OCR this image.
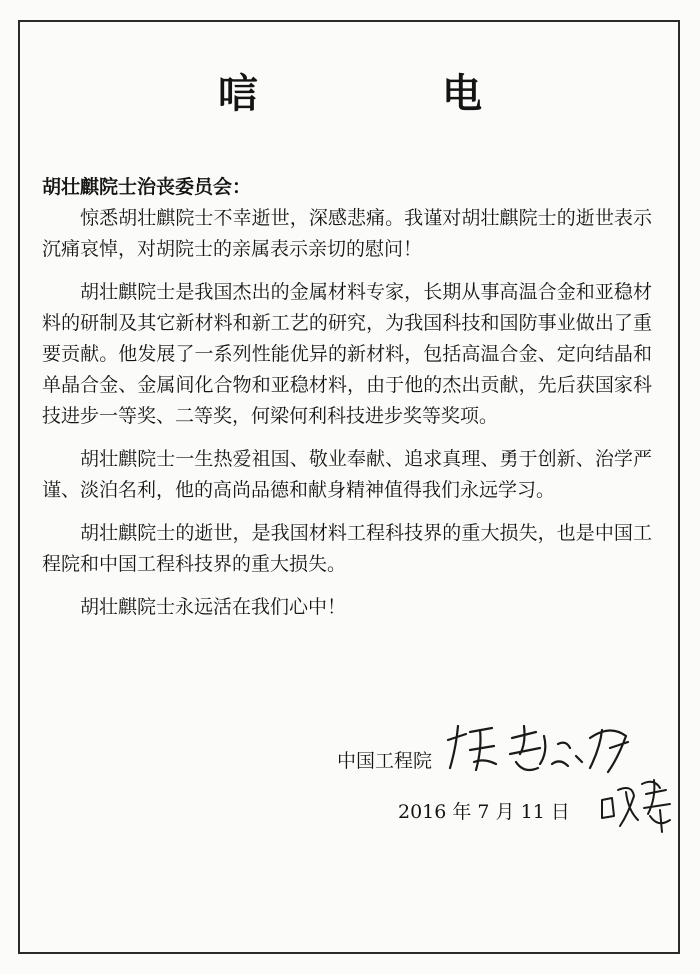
唁　电

胡壮麒院士治丧委员会：

惊悉胡壮麒院士不幸逝世，深感悲痛。我谨对胡壮麒院士的逝世表示沉痛哀悼，对胡院士的亲属表示亲切的慰问！

胡壮麒院士是我国杰出的金属材料专家，长期从事高温合金和亚稳材料的研制及其它新材料和新工艺的研究，为我国科技和国防事业做出了重要贡献。他发展了一系列性能优异的新材料，包括高温合金、定向结晶和单晶合金、金属间化合物和亚稳材料，由于他的杰出贡献，先后获国家科技进步一等奖、二等奖，何梁何利科技进步奖等奖项。

胡壮麒院士一生热爱祖国、敬业奉献、追求真理、勇于创新、治学严谨、淡泊名利，他的高尚品德和献身精神值得我们永远学习。

胡壮麒院士的逝世，是我国材料工程科技界的重大损失，也是中国工程院和中国工程科技界的重大损失。

胡壮麒院士永远活在我们心中！

中国工程院
2016 年 7 月 11 日
